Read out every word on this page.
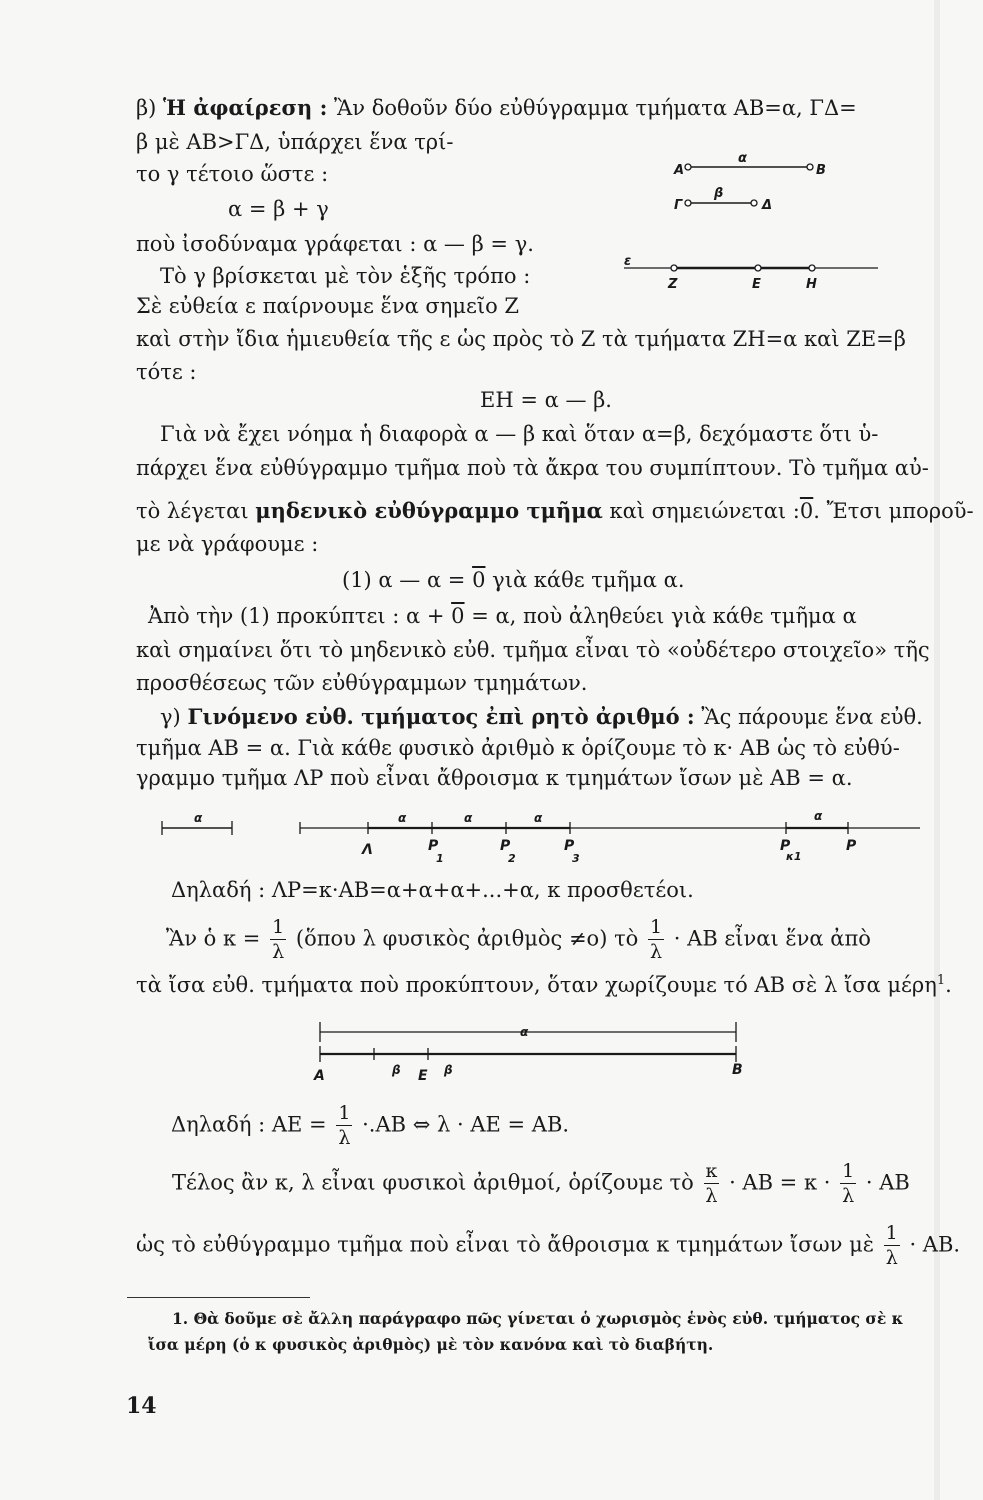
β) Ἡ ἀφαίρεση : Ἂν δοθοῦν δύο εὐθύγραμμα τμήματα ΑΒ=α, ΓΔ=
β μὲ ΑΒ>ΓΔ, ὑπάρχει ἕνα τρί-
το γ τέτοιο ὥστε :
α = β + γ
ποὺ ἰσοδύναμα γράφεται : α — β = γ.
Τὸ γ βρίσκεται μὲ τὸν ἑξῆς τρόπο :
Σὲ εὐθεία ε παίρνουμε ἕνα σημεῖο Ζ
καὶ στὴν ἴδια ἡμιευθεία τῆς ε ὡς πρὸς τὸ Ζ τὰ τμήματα ΖΗ=α καὶ ΖΕ=β
τότε :
ΕΗ = α — β.
Α
α
Β
Γ
β
Δ
ε
Ζ	Ε	Η
Γιὰ νὰ ἔχει νόημα ἡ διαφορὰ α — β καὶ ὅταν α=β, δεχόμαστε ὅτι ὑ-
πάρχει ἕνα εὐθύγραμμο τμῆμα ποὺ τὰ ἄκρα του συμπίπτουν. Τὸ τμῆμα αὐ-
τὸ λέγεται μηδενικὸ εὐθύγραμμο τμῆμα καὶ σημειώνεται :0. Ἔτσι μποροῦ-
με νὰ γράφουμε :
(1) α — α = 0 γιὰ κάθε τμῆμα α.
Ἀπὸ τὴν (1) προκύπτει : α + 0 = α, ποὺ ἀληθεύει γιὰ κάθε τμῆμα α
καὶ σημαίνει ὅτι τὸ μηδενικὸ εὐθ. τμῆμα εἶναι τὸ «οὐδέτερο στοιχεῖο» τῆς
προσθέσεως τῶν εὐθύγραμμων τμημάτων.
γ) Γινόμενο εὐθ. τμήματος ἐπὶ ρητὸ ἀριθμό : Ἂς πάρουμε ἕνα εὐθ.
τμῆμα ΑΒ = α. Γιὰ κάθε φυσικὸ ἀριθμὸ κ ὁρίζουμε τὸ κ· ΑΒ ὡς τὸ εὐθύ-
γραμμο τμῆμα ΛΡ ποὺ εἶναι ἄθροισμα κ τμημάτων ἴσων μὲ ΑΒ = α.
α	α	α	α	α
Λ	Ρ
1
Ρ
2
Ρ
3
Ρ
κ1
Ρ
Δηλαδή : ΛΡ=κ·ΑΒ=α+α+α+...+α, κ προσθετέοι.
Ἂν ὁ $\kappa = \frac{1}{\lambda}$ (ὅπου λ φυσικὸς ἀριθμὸς ≠ο) τὸ $\frac{1}{\lambda} \cdot AB$ εἶναι ἕνα ἀπὸ
τὰ ἴσα εὐθ. τμήματα ποὺ προκύπτουν, ὅταν χωρίζουμε τό ΑΒ σὲ λ ἴσα μέρη$^1$.
α
Α	β Ε β	Β
Δηλαδή : $AE = \frac{1}{\lambda} \cdot.AB$ ⇔ λ · ΑΕ = ΑΒ.
Τέλος ἂν κ, λ εἶναι φυσικοὶ ἀριθμοί, ὁρίζουμε τὸ $\frac{\kappa}{\lambda} \cdot AB = \kappa \cdot \frac{1}{\lambda} \cdot AB$
ὡς τὸ εὐθύγραμμο τμῆμα ποὺ εἶναι τὸ ἄθροισμα κ τμημάτων ἴσων μὲ $\frac{1}{\lambda} \cdot AB$.
1. Θὰ δοῦμε σὲ ἄλλη παράγραφο πῶς γίνεται ὁ χωρισμὸς ἑνὸς εὐθ. τμήματος σὲ κ
ἴσα μέρη (ὁ κ φυσικὸς ἀριθμὸς) μὲ τὸν κανόνα καὶ τὸ διαβήτη.
14
